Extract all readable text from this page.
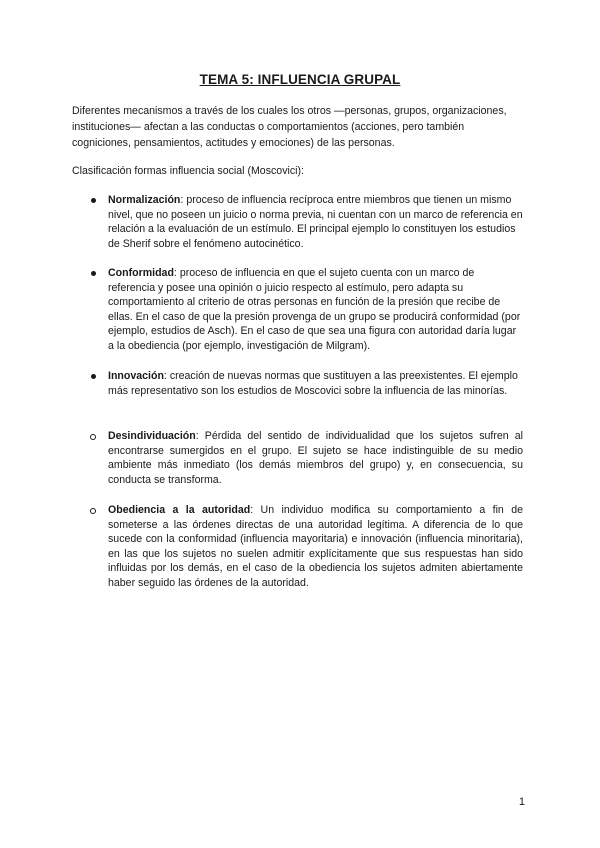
TEMA 5: INFLUENCIA GRUPAL

Diferentes mecanismos a través de los cuales los otros —personas, grupos, organizaciones, instituciones— afectan a las conductas o comportamientos (acciones, pero también cogniciones, pensamientos, actitudes y emociones) de las personas.

Clasificación formas influencia social (Moscovici):

Normalización: proceso de influencia recíproca entre miembros que tienen un mismo nivel, que no poseen un juicio o norma previa, ni cuentan con un marco de referencia en relación a la evaluación de un estímulo. El principal ejemplo lo constituyen los estudios de Sherif sobre el fenómeno autocinético.
Conformidad: proceso de influencia en que el sujeto cuenta con un marco de referencia y posee una opinión o juicio respecto al estímulo, pero adapta su comportamiento al criterio de otras personas en función de la presión que recibe de ellas. En el caso de que la presión provenga de un grupo se producirá conformidad (por ejemplo, estudios de Asch). En el caso de que sea una figura con autoridad daría lugar a la obediencia (por ejemplo, investigación de Milgram).
Innovación: creación de nuevas normas que sustituyen a las preexistentes. El ejemplo más representativo son los estudios de Moscovici sobre la influencia de las minorías.
Desindividuación: Pérdida del sentido de individualidad que los sujetos sufren al encontrarse sumergidos en el grupo. El sujeto se hace indistinguible de su medio ambiente más inmediato (los demás miembros del grupo) y, en consecuencia, su conducta se transforma.
Obediencia a la autoridad: Un individuo modifica su comportamiento a fin de someterse a las órdenes directas de una autoridad legítima. A diferencia de lo que sucede con la conformidad (influencia mayoritaria) e innovación (influencia minoritaria), en las que los sujetos no suelen admitir explícitamente que sus respuestas han sido influidas por los demás, en el caso de la obediencia los sujetos admiten abiertamente haber seguido las órdenes de la autoridad.
1
